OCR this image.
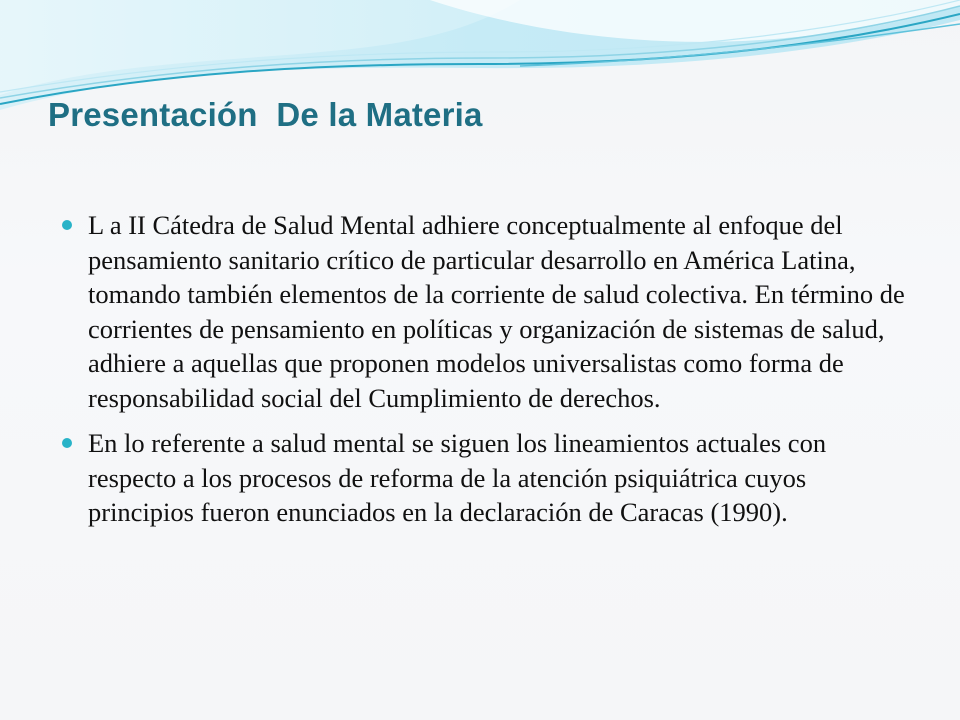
Presentación  De la Materia
L a II Cátedra de Salud Mental adhiere conceptualmente al enfoque del pensamiento sanitario crítico de particular desarrollo en América Latina, tomando también elementos de la corriente de salud colectiva. En término de corrientes de pensamiento en políticas y organización de sistemas de salud, adhiere a aquellas que proponen modelos universalistas como forma de responsabilidad social del Cumplimiento de derechos.
En lo referente a salud mental se siguen los lineamientos actuales con respecto a los procesos de reforma de la atención psiquiátrica cuyos principios fueron enunciados en la declaración de Caracas (1990).
